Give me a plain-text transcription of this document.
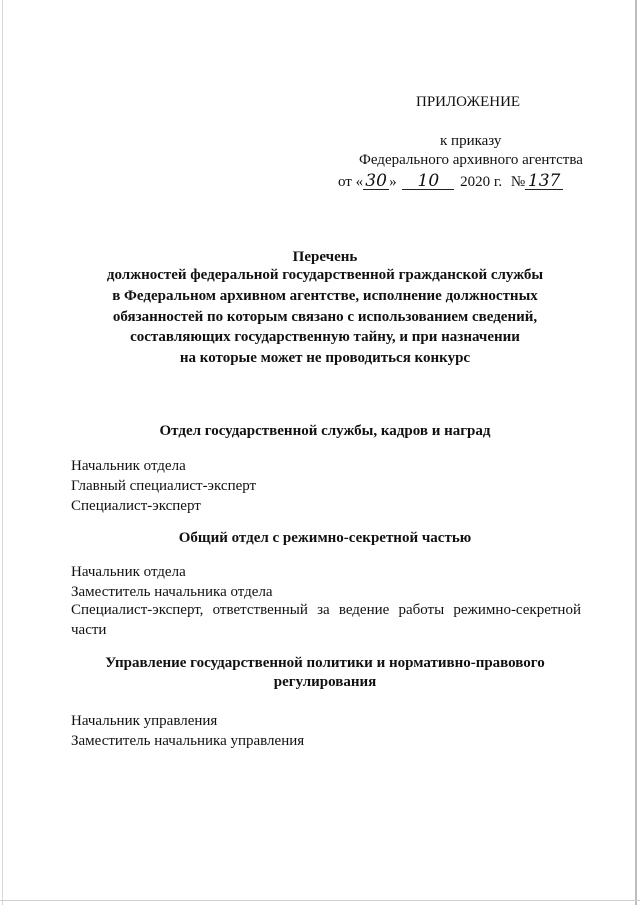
ПРИЛОЖЕНИЕ
к приказу
Федерального архивного агентства
от « 30 » 10 2020 г. № 137
Перечень
должностей федеральной государственной гражданской службы
в Федеральном архивном агентстве, исполнение должностных
обязанностей по которым связано с использованием сведений,
составляющих государственную тайну, и при назначении
на которые может не проводиться конкурс
Отдел государственной службы, кадров и наград
Начальник отдела
Главный специалист-эксперт
Специалист-эксперт
Общий отдел с режимно-секретной частью
Начальник отдела
Заместитель начальника отдела
Специалист-эксперт, ответственный за ведение работы режимно-секретной
части
Управление государственной политики и нормативно-правового
регулирования
Начальник управления
Заместитель начальника управления
